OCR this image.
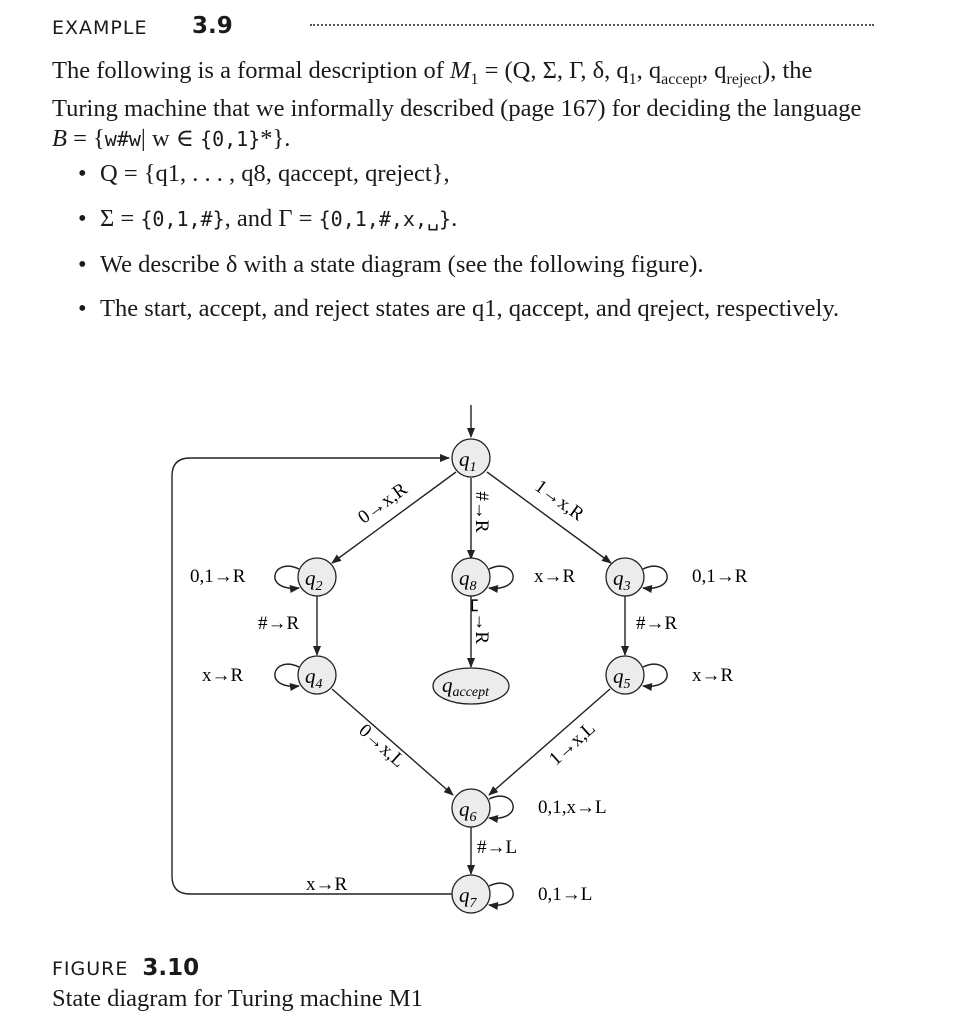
EXAMPLE 3.9

The following is a formal description of $M_1 = (Q$, Σ, Γ, δ, $q_1$, $q_{accept}$, $q_{reject}$), the Turing machine that we informally described (page 167) for deciding the language B = {w#w| w ∈ {0,1}*}.

• Q = {q1, . . . , q8, qaccept, qreject},
• Σ = {0,1,#}, and Γ = {0,1,#,x,␣}.
• We describe δ with a state diagram (see the following figure).
• The start, accept, and reject states are q1, qaccept, and qreject, respectively.
$q_1$
$q_2$	$q_8$	$q_3$
$q_4$	qaccept
$q_5$
$q_6$
$q_7$
0→x,R	1→x,R
#→R
␣→R
x→R
0,1→R
#→R
0,1→R
#→R
x→R	x→R
0→x,L	1→x,L
0,1,x→L
#→L
0,1→L
x→R
FIGURE 3.10
State diagram for Turing machine M1
